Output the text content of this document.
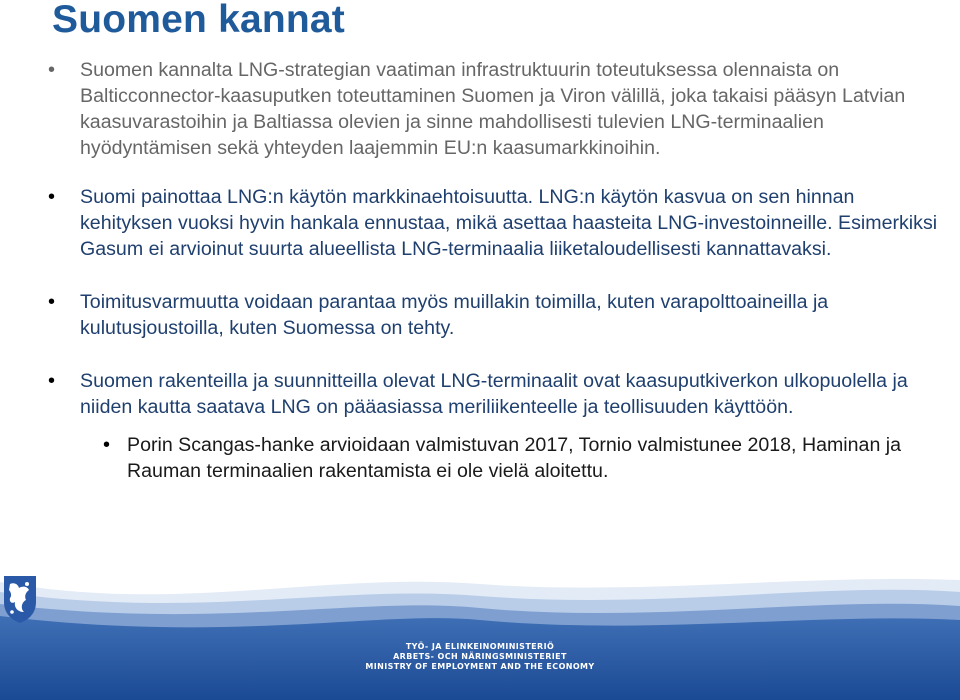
Suomen kannat
• Suomen kannalta LNG-strategian vaatiman infrastruktuurin toteutuksessa olennaista on Balticconnector-kaasuputken toteuttaminen Suomen ja Viron välillä, joka takaisi pääsyn Latvian kaasuvarastoihin ja Baltiassa olevien ja sinne mahdollisesti tulevien LNG-terminaalien hyödyntämisen sekä yhteyden laajemmin EU:n kaasumarkkinoihin.
• Suomi painottaa LNG:n käytön markkinaehtoisuutta. LNG:n käytön kasvua on sen hinnan kehityksen vuoksi hyvin hankala ennustaa, mikä asettaa haasteita LNG-investoinneille. Esimerkiksi Gasum ei arvioinut suurta alueellista LNG-terminaalia liiketaloudellisesti kannattavaksi.
• Toimitusvarmuutta voidaan parantaa myös muillakin toimilla, kuten varapolttoaineilla ja kulutusjoustoilla, kuten Suomessa on tehty.
• Suomen rakenteilla ja suunnitteilla olevat LNG-terminaalit ovat kaasuputkiverkon ulkopuolella ja niiden kautta saatava LNG on pääasiassa meriliikenteelle ja teollisuuden käyttöön.
• Porin Scangas-hanke arvioidaan valmistuvan 2017, Tornio valmistunee 2018, Haminan ja Rauman terminaalien rakentamista ei ole vielä aloitettu.
TYÖ- JA ELINKEINOMINISTERIÖ
ARBETS- OCH NÄRINGSMINISTERIET
MINISTRY OF EMPLOYMENT AND THE ECONOMY
